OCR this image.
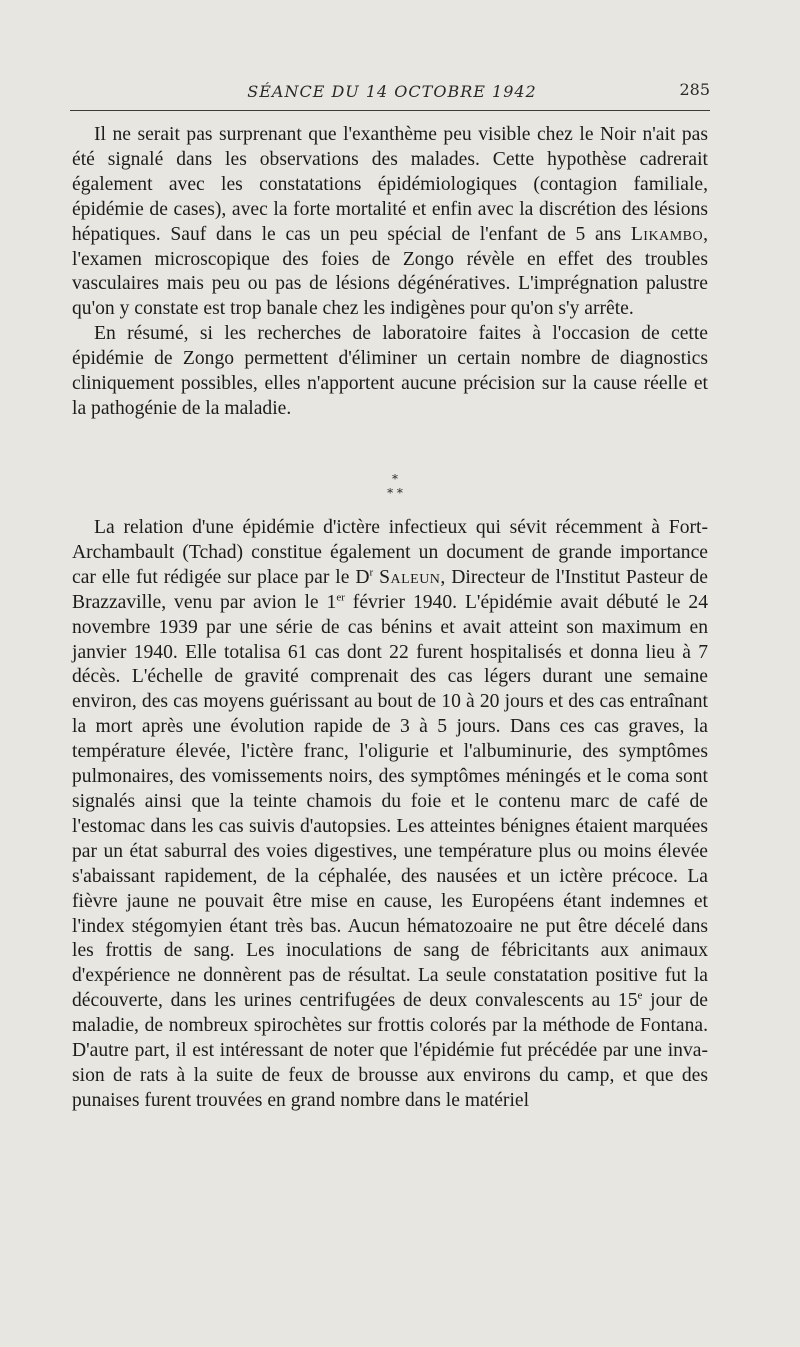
SÉANCE DU 14 OCTOBRE 1942	285

Il ne serait pas surprenant que l'exanthème peu visible chez le Noir n'ait pas été signalé dans les observations des malades. Cette hypothèse cadrerait également avec les constatations épidémiologiques (contagion familiale, épidémie de cases), avec la forte mortalité et enfin avec la discrétion des lésions hépatiques. Sauf dans le cas un peu spécial de l'enfant de 5 ans Likambo, l'examen microscopique des foies de Zongo révèle en effet des troubles vasculaires mais peu ou pas de lésions dégénératives. L'imprégnation palustre qu'on y constate est trop banale chez les indigènes pour qu'on s'y arrête.

En résumé, si les recherches de laboratoire faites à l'occasion de cette épidémie de Zongo permettent d'éliminer un certain nombre de diagnostics cliniquement possibles, elles n'apportent aucune précision sur la cause réelle et la pathogénie de la maladie.

*
* *

La relation d'une épidémie d'ictère infectieux qui sévit récemment à Fort-Archambault (Tchad) constitue également un document de grande importance car elle fut rédigée sur place par le $D^r$ Saleun, Directeur de l'Institut Pasteur de Brazzaville, venu par avion le 1er février 1940. L'épidémie avait débuté le 24 novembre 1939 par une série de cas bénins et avait atteint son maximum en janvier 1940. Elle totalisa 61 cas dont 22 furent hospitalisés et donna lieu à 7 décès. L'échelle de gravité comprenait des cas légers durant une semaine environ, des cas moyens guérissant au bout de 10 à 20 jours et des cas entraînant la mort après une évolution rapide de 3 à 5 jours. Dans ces cas graves, la température élevée, l'ictère franc, l'oligurie et l'albuminurie, des symptômes pulmonaires, des vomissements noirs, des symptômes méningés et le coma sont signalés ainsi que la teinte chamois du foie et le contenu marc de café de l'estomac dans les cas suivis d'autopsies. Les atteintes bénignes étaient marquées par un état saburral des voies digestives, une température plus ou moins élevée s'abaissant rapidement, de la céphalée, des nausées et un ictère précoce. La fièvre jaune ne pouvait être mise en cause, les Européens étant indemnes et l'index stégomyien étant très bas. Aucun hématozoaire ne put être décelé dans les frottis de sang. Les inoculations de sang de fébricitants aux animaux d'expérience ne donnèrent pas de résultat. La seule constatation positive fut la découverte, dans les urines centrifugées de deux convalescents au 15e jour de maladie, de nombreux spirochètes sur frottis colorés par la méthode de Fontana. D'autre part, il est intéressant de noter que l'épidémie fut précédée par une invasion de rats à la suite de feux de brousse aux environs du camp, et que des punaises furent trouvées en grand nombre dans le matériel
